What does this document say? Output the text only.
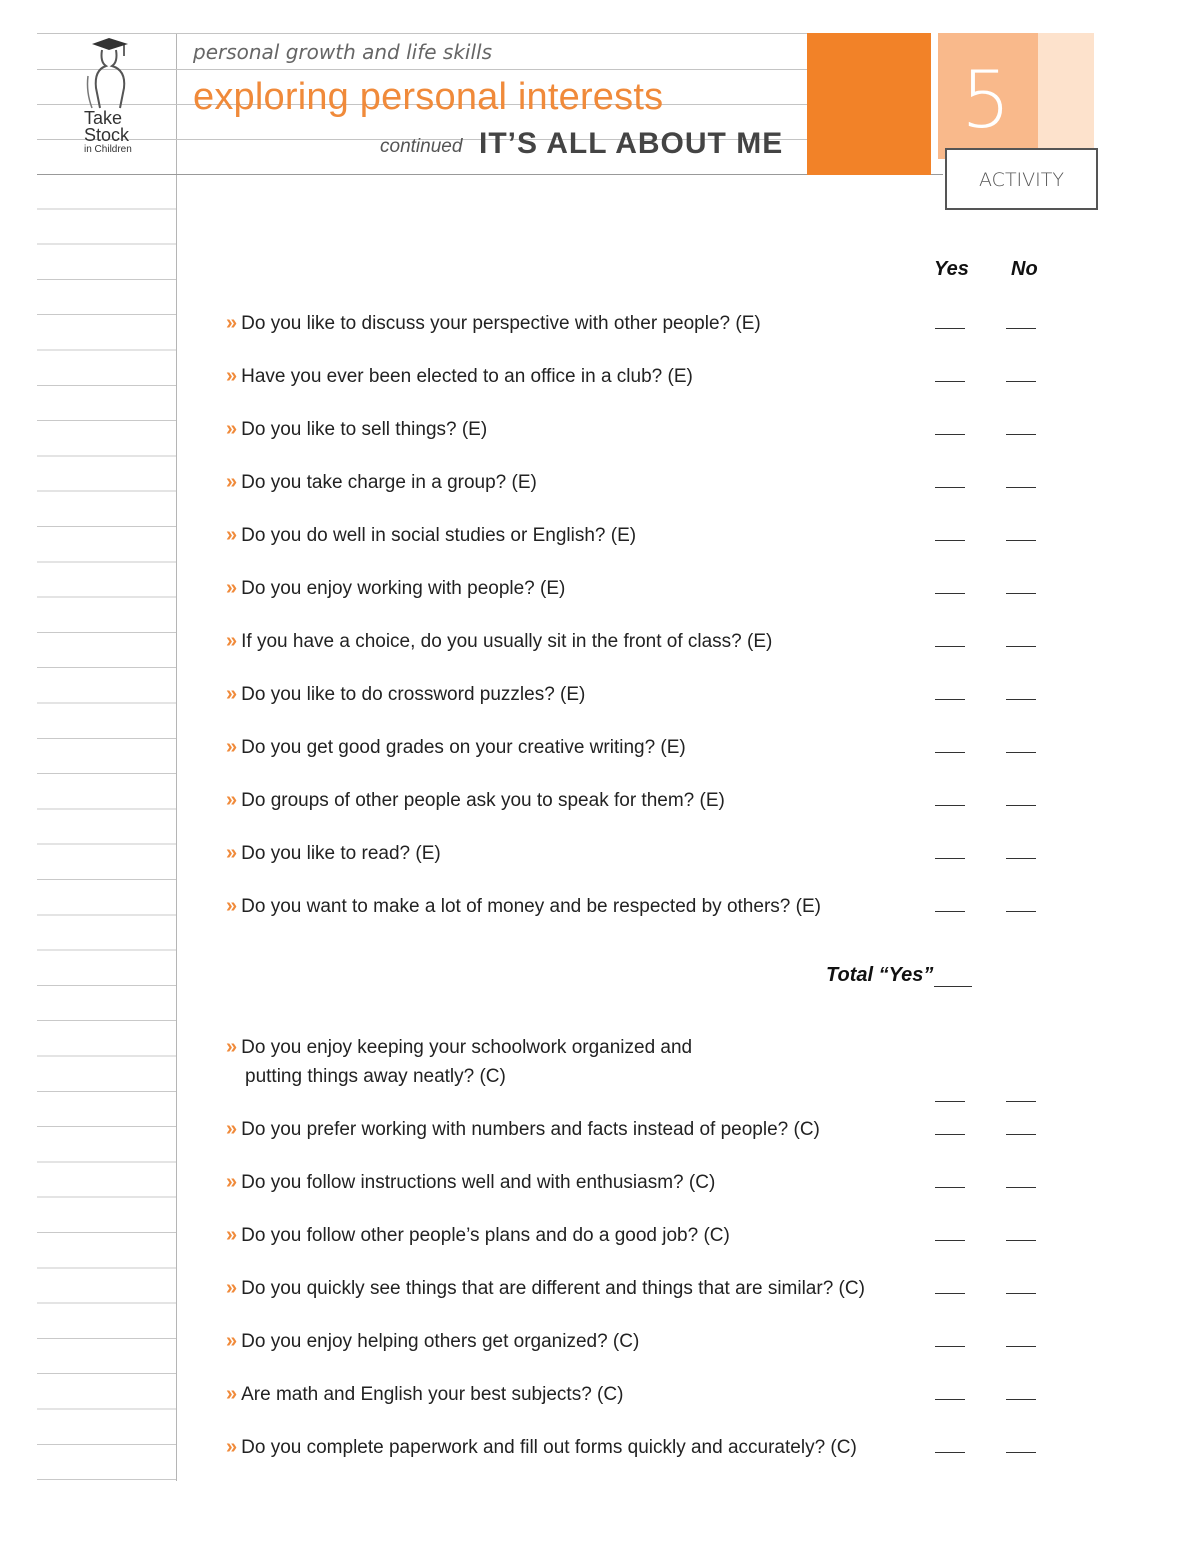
Take
Stock
in Children
personal growth and life skills
exploring personal interests
continued IT’S ALL ABOUT ME 5
ACTIVITY
Yes No
» Do you like to discuss your perspective with other people? (E)
» Have you ever been elected to an office in a club? (E)
» Do you like to sell things? (E)
» Do you take charge in a group? (E)
» Do you do well in social studies or English? (E)
» Do you enjoy working with people? (E)
» If you have a choice, do you usually sit in the front of class? (E)
» Do you like to do crossword puzzles? (E)
» Do you get good grades on your creative writing? (E)
» Do groups of other people ask you to speak for them? (E)
» Do you like to read? (E)
» Do you want to make a lot of money and be respected by others? (E)
Total “Yes”
» Do you enjoy keeping your schoolwork organized and
putting things away neatly? (C)
» Do you prefer working with numbers and facts instead of people? (C)
» Do you follow instructions well and with enthusiasm? (C)
» Do you follow other people’s plans and do a good job? (C)
» Do you quickly see things that are different and things that are similar? (C)
» Do you enjoy helping others get organized? (C)
» Are math and English your best subjects? (C)
» Do you complete paperwork and fill out forms quickly and accurately? (C)
